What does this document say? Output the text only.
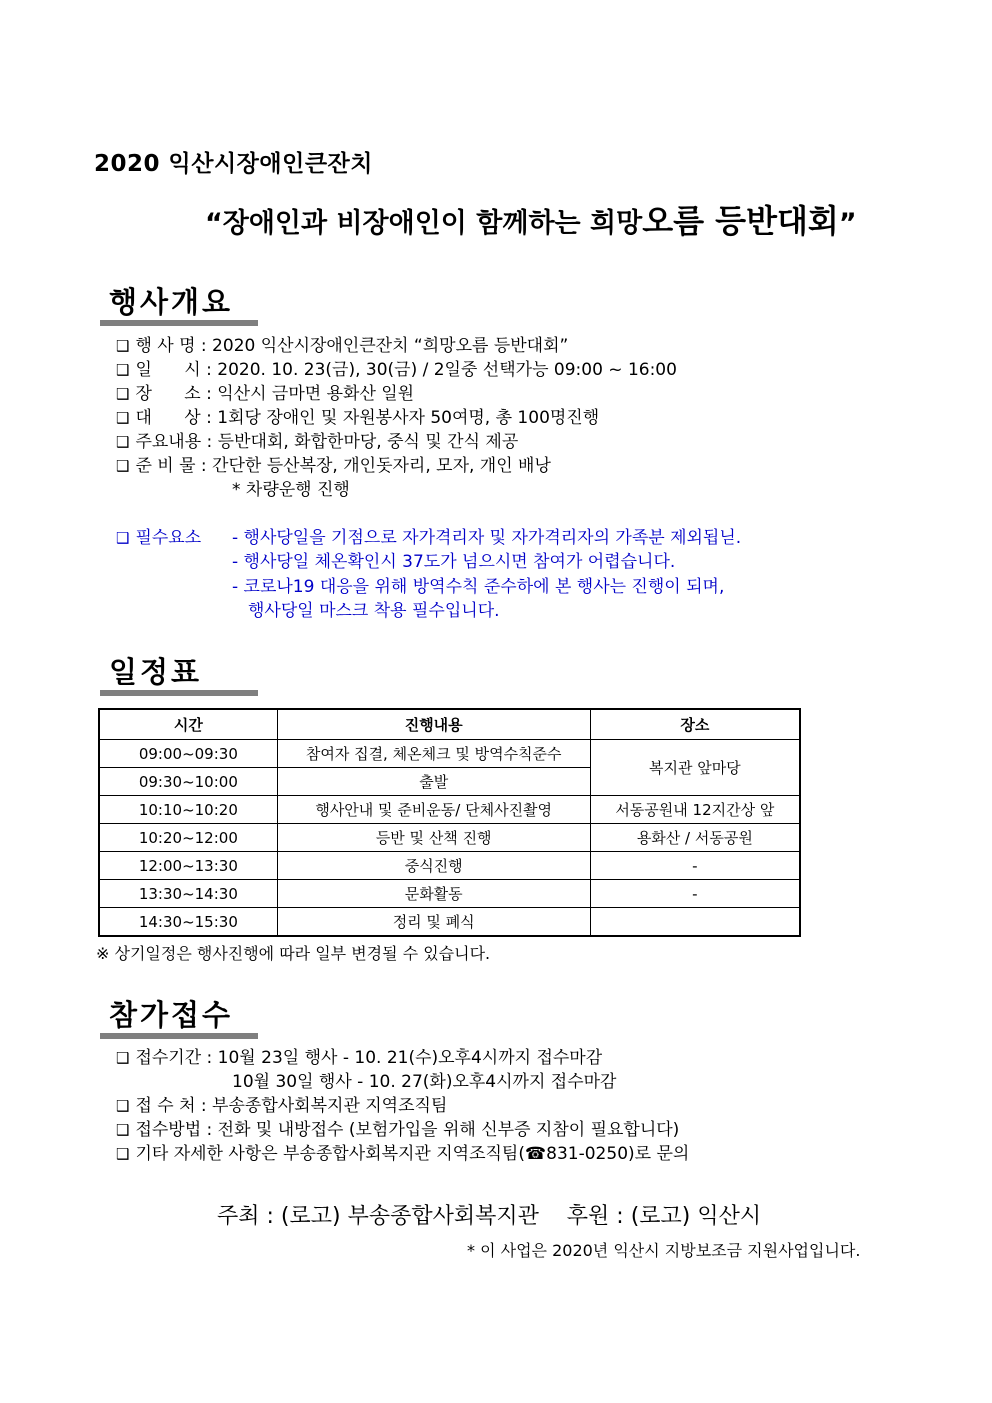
2020 익산시장애인큰잔치
“장애인과 비장애인이 함께하는 희망오름 등반대회”
행사개요
❑ 행 사 명 : 2020 익산시장애인큰잔치 “희망오름 등반대회”
❑ 일      시 : 2020. 10. 23(금), 30(금) / 2일중 선택가능 09:00 ~ 16:00
❑ 장      소 : 익산시 금마면 용화산 일원
❑ 대      상 : 1회당 장애인 및 자원봉사자 50여명, 총 100명진행
❑ 주요내용 : 등반대회, 화합한마당, 중식 및 간식 제공
❑ 준 비 물 : 간단한 등산복장, 개인돗자리, 모자, 개인 배낭
* 차량운행 진행
❑ 필수요소 - 행사당일을 기점으로 자가격리자 및 자가격리자의 가족분 제외됩닏.
- 행사당일 체온확인시 37도가 넘으시면 참여가 어렵습니다.
- 코로나19 대응을 위해 방역수칙 준수하에 본 행사는 진행이 되며,
행사당일 마스크 착용 필수입니다.
일정표
시간	진행내용	장소
09:00~09:30	참여자 집결, 체온체크 및 방역수칙준수	복지관 앞마당
09:30~10:00	출발	
10:10~10:20	행사안내 및 준비운동/ 단체사진촬영	서동공원내 12지간상 앞
10:20~12:00	등반 및 산책 진행	용화산 / 서동공원
12:00~13:30	중식진행	-
13:30~14:30	문화활동	-
14:30~15:30	정리 및 폐식	
※ 상기일정은 행사진행에 따라 일부 변경될 수 있습니다.
참가접수
❑ 접수기간 : 10월 23일 행사 - 10. 21(수)오후4시까지 접수마감
10월 30일 행사 - 10. 27(화)오후4시까지 접수마감
❑ 접 수 처 : 부송종합사회복지관 지역조직팀
❑ 접수방법 : 전화 및 내방접수 (보험가입을 위해 신부증 지참이 필요합니다)
❑ 기타 자세한 사항은 부송종합사회복지관 지역조직팀(☎831-0250)로 문의
주최 : (로고) 부송종합사회복지관    후원 : (로고) 익산시
* 이 사업은 2020년 익산시 지방보조금 지원사업입니다.
